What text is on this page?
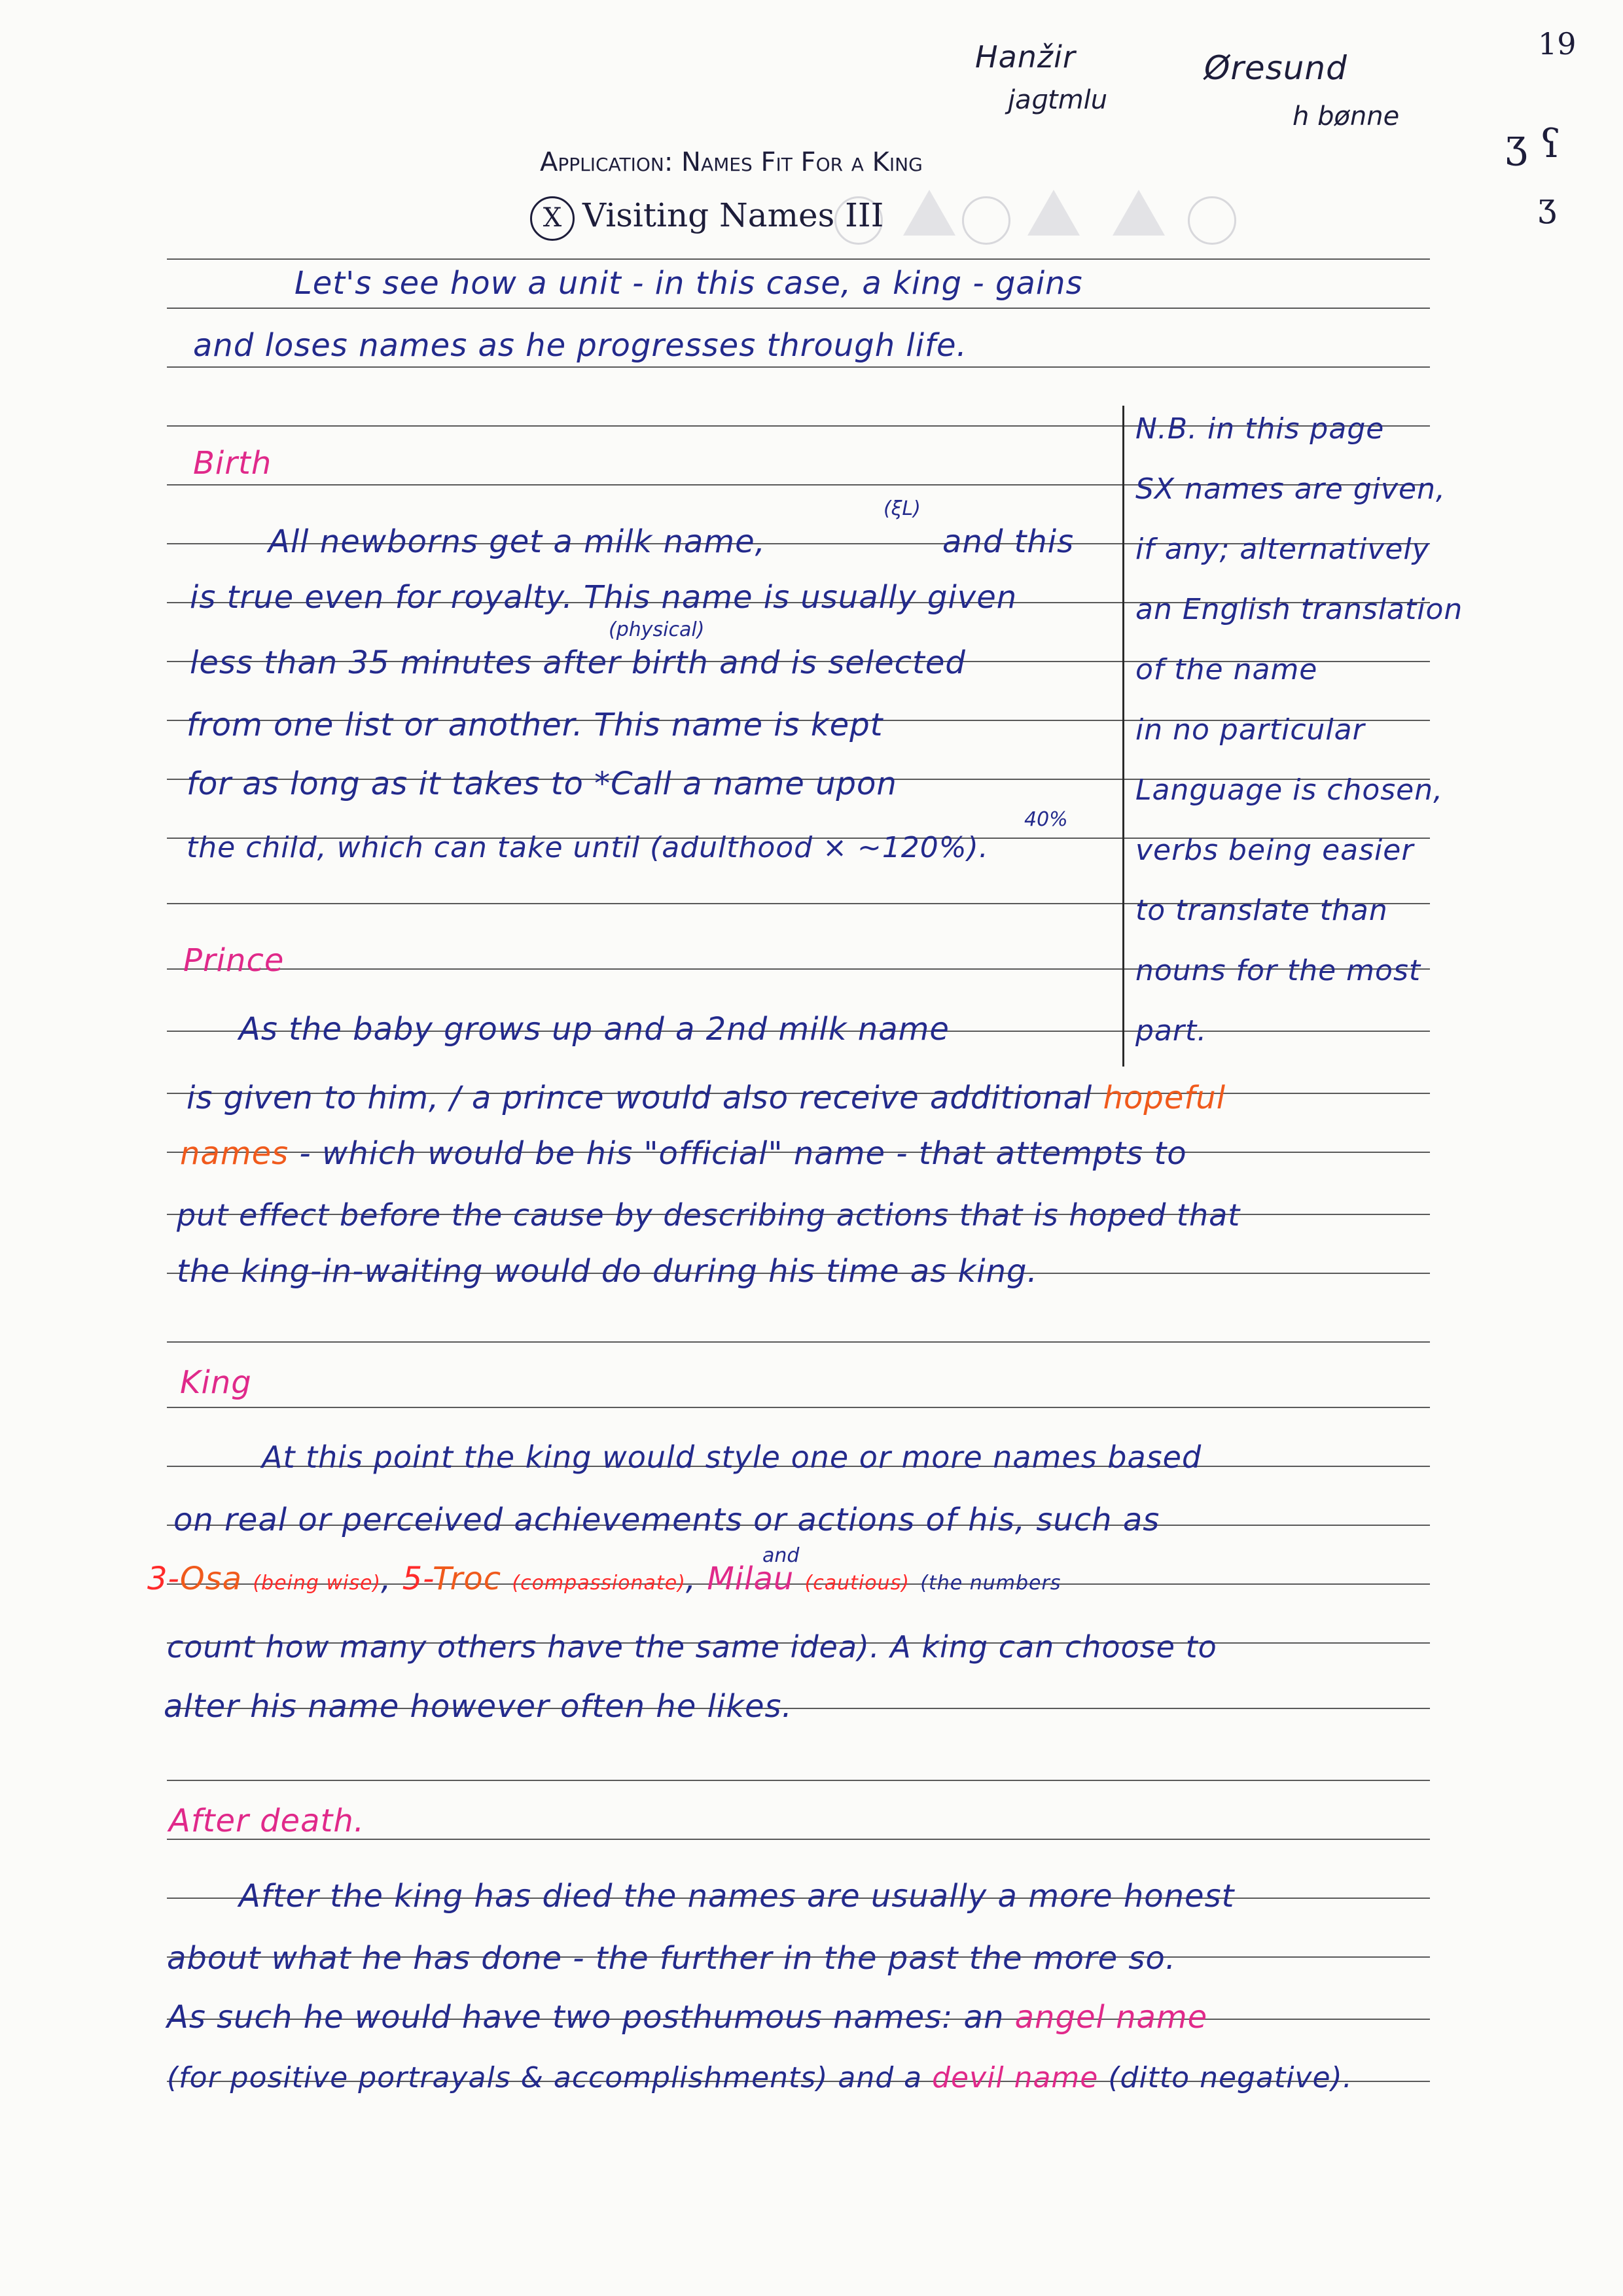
19
Hanžir
jaɡtmlu
Øresund
h bønne
ʒ ʕ
ʒ
Application: Names Fit For a King
X Visiting Names III
Let's see how a unit - in this case, a king - gains
and loses names as he progresses through life.
N.B. in this page
SX names are given,
if any; alternatively
an English translation
of the name
in no particular
Language is chosen,
verbs being easier
to translate than
nouns for the most
part.
Birth
(ξL)
All newborns get a milk name,	and this
is true even for royalty. This name is usually given
(physical)
less than 35 minutes after birth and is selected
from one list or another. This name is kept
for as long as it takes to *Call a name upon
40%
the child, which can take until (adulthood × ~120%).
Prince
As the baby grows up and a 2nd milk name
is given to him, / a prince would also receive additional hopeful
names - which would be his "official" name - that attempts to
put effect before the cause by describing actions that is hoped that
the king-in-waiting would do during his time as king.
King
At this point the king would style one or more names based
on real or perceived achievements or actions of his, such as
and
3-Osa (being wise), 5-Troc (compassionate), Milau (cautious) (the numbers
count how many others have the same idea). A king can choose to
alter his name however often he likes.
After death.
After the king has died the names are usually a more honest
about what he has done - the further in the past the more so.
As such he would have two posthumous names: an angel name
(for positive portrayals & accomplishments) and a devil name (ditto negative).
